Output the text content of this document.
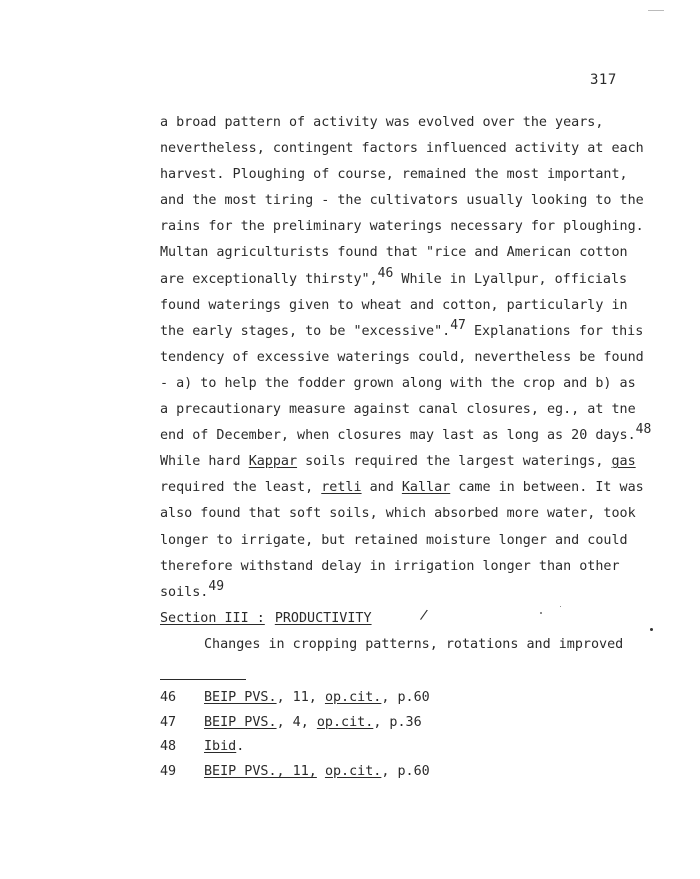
317
a broad pattern of activity was evolved over the years,
nevertheless, contingent factors influenced activity at each
harvest. Ploughing of course, remained the most important,
and the most tiring - the cultivators usually looking to the
rains for the preliminary waterings necessary for ploughing.
Multan agriculturists found that "rice and American cotton
are exceptionally thirsty",$^{46}$ While in Lyallpur, officials
found waterings given to wheat and cotton, particularly in
the early stages, to be "excessive".$^{47}$ Explanations for this
tendency of excessive waterings could, nevertheless be found
- a) to help the fodder grown along with the crop and b) as
a precautionary measure against canal closures, eg., at tne
end of December, when closures may last as long as 20 days.$^{48}$
While hard Kappar soils required the largest waterings, gas
required the least, retli and Kallar came in between. It was
also found that soft soils, which absorbed more water, took
longer to irrigate, but retained moisture longer and could
therefore withstand delay in irrigation longer than other
soils.$^{49}$
Section III : PRODUCTIVITY
Changes in cropping patterns, rotations and improved
/
46	BEIP PVS., 11, op.cit., p.60
47	BEIP PVS., 4, op.cit., p.36
48	Ibid.
49	BEIP PVS., 11, op.cit., p.60
